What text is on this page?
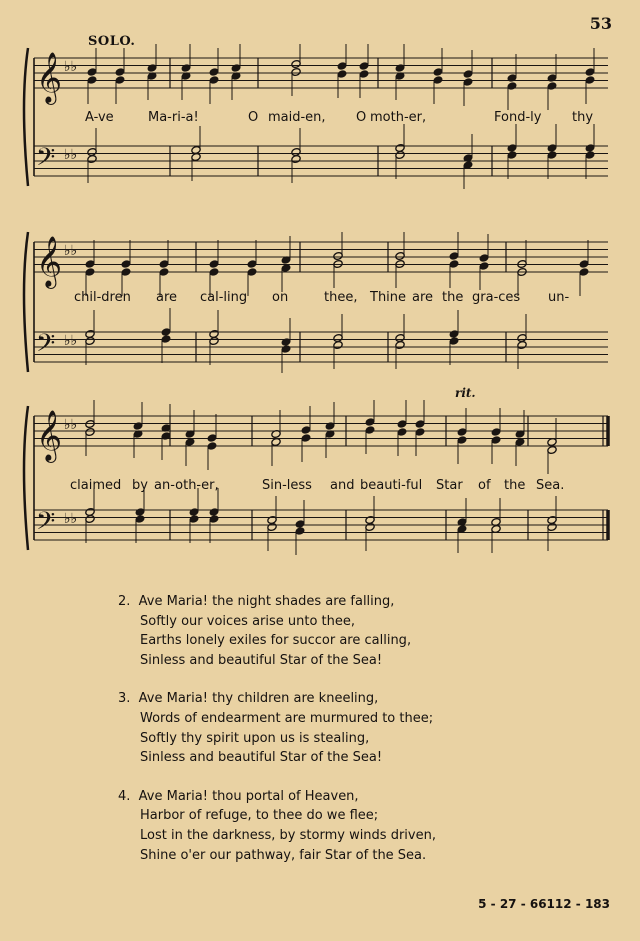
53
SOLO.
rit.
𝄞 ♭♭
𝄢 ♭♭
𝄞 ♭♭
𝄢 ♭♭
𝄞 ♭♭
𝄢 ♭♭

A-ve

	Ma-ri-a!

	O

maid-en,

O

moth-er,

	Fond-ly

thy

chil-dren

are

cal-ling

on

	thee,

Thine

are

the

gra-ces

un-

claimed

by

an-oth-er,

	Sin-less

and

beauti-ful

Star

of

the

Sea.

2.  Ave Maria! the night shades are falling,
Softly our voices arise unto thee,
Earths lonely exiles for succor are calling,
Sinless and beautiful Star of the Sea!
3.  Ave Maria! thy children are kneeling,
Words of endearment are murmured to thee;
Softly thy spirit upon us is stealing,
Sinless and beautiful Star of the Sea!
4.  Ave Maria! thou portal of Heaven,
Harbor of refuge, to thee do we flee;
Lost in the darkness, by stormy winds driven,
Shine o'er our pathway, fair Star of the Sea.
5 - 27 - 66112 - 183
